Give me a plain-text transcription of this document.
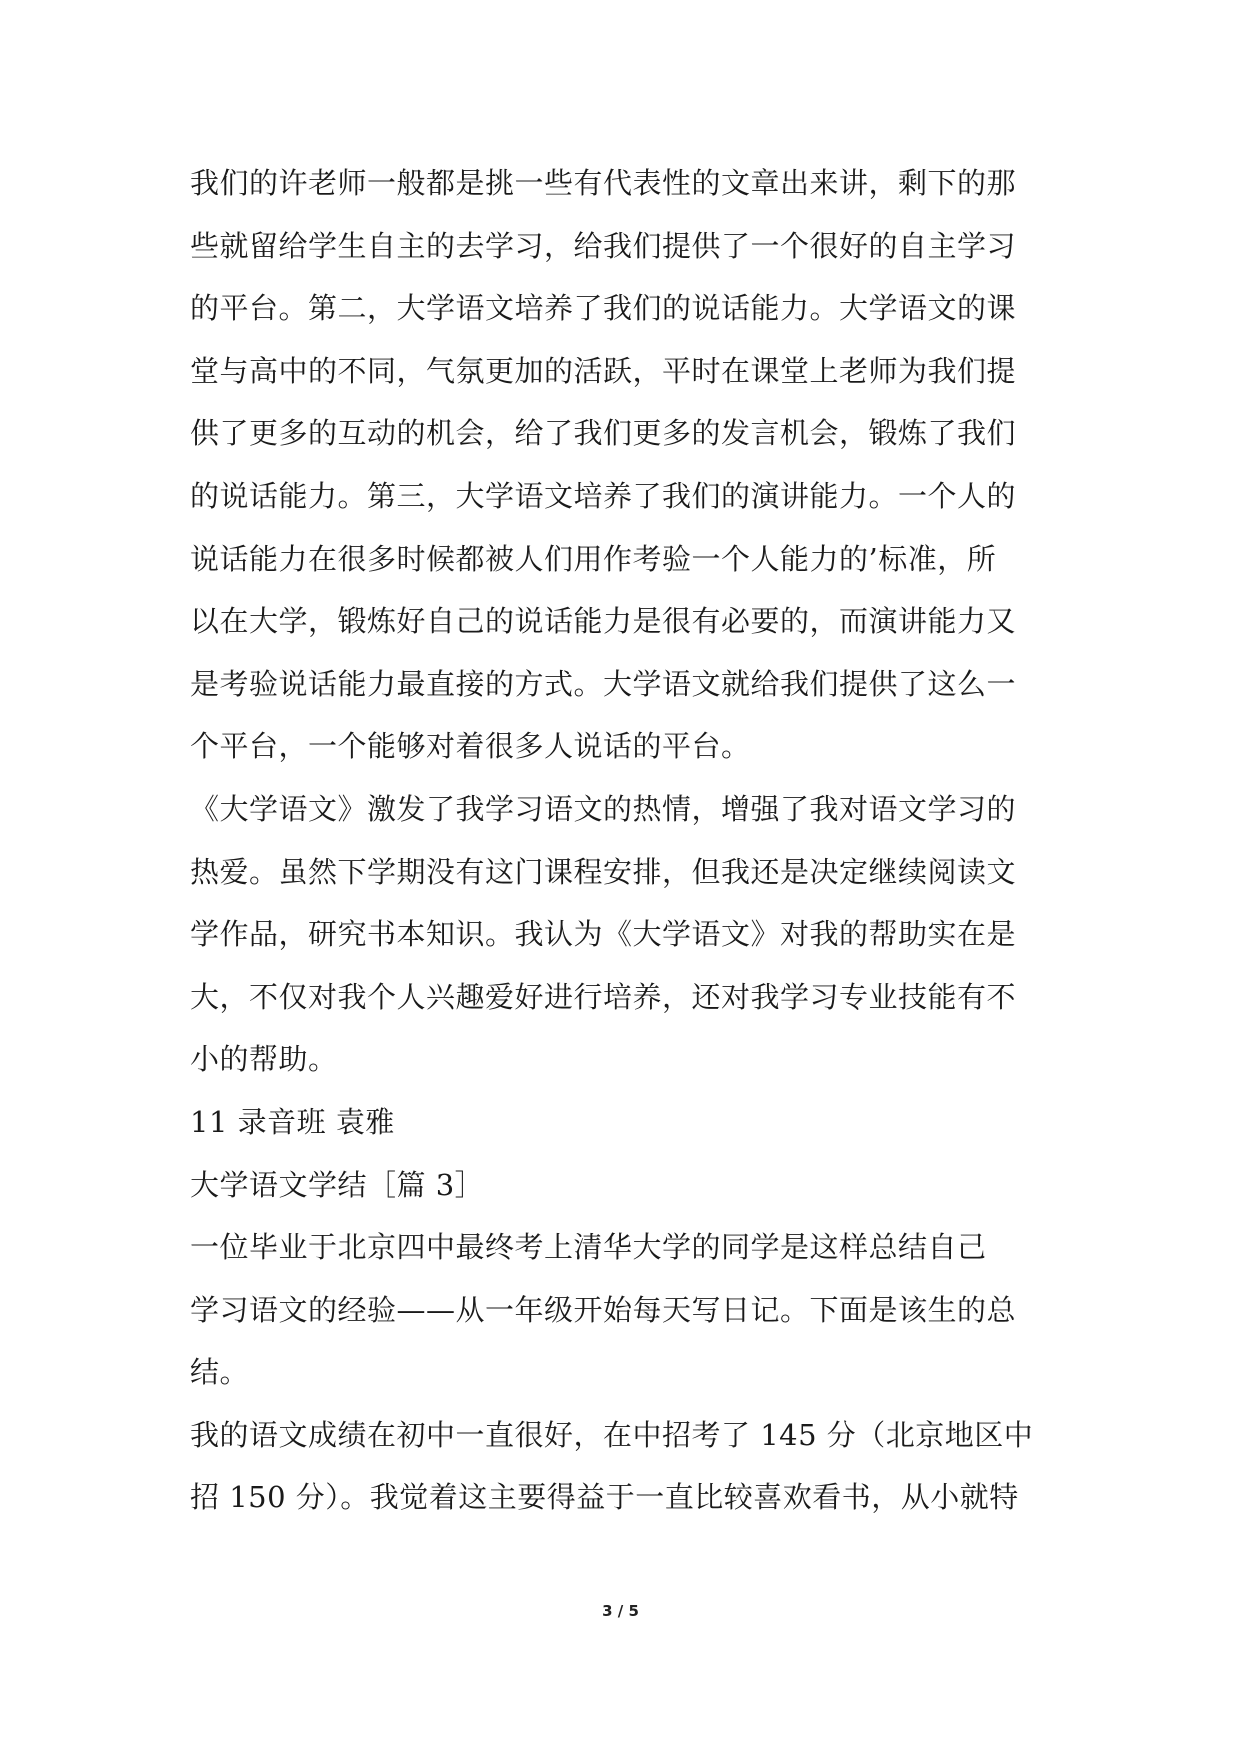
我们的许老师一般都是挑一些有代表性的文章出来讲，剩下的那
些就留给学生自主的去学习，给我们提供了一个很好的自主学习
的平台。第二，大学语文培养了我们的说话能力。大学语文的课
堂与高中的不同，气氛更加的活跃，平时在课堂上老师为我们提
供了更多的互动的机会，给了我们更多的发言机会，锻炼了我们
的说话能力。第三，大学语文培养了我们的演讲能力。一个人的
说话能力在很多时候都被人们用作考验一个人能力的’标准，所
以在大学，锻炼好自己的说话能力是很有必要的，而演讲能力又
是考验说话能力最直接的方式。大学语文就给我们提供了这么一
个平台，一个能够对着很多人说话的平台。
《大学语文》激发了我学习语文的热情，增强了我对语文学习的
热爱。虽然下学期没有这门课程安排，但我还是决定继续阅读文
学作品，研究书本知识。我认为《大学语文》对我的帮助实在是
大，不仅对我个人兴趣爱好进行培养，还对我学习专业技能有不
小的帮助。
11 录音班 袁雅
大学语文学结［篇 3］
一位毕业于北京四中最终考上清华大学的同学是这样总结自己
学习语文的经验——从一年级开始每天写日记。下面是该生的总
结。
我的语文成绩在初中一直很好，在中招考了 145 分（北京地区中
招 150 分）。我觉着这主要得益于一直比较喜欢看书，从小就特
3 / 5
